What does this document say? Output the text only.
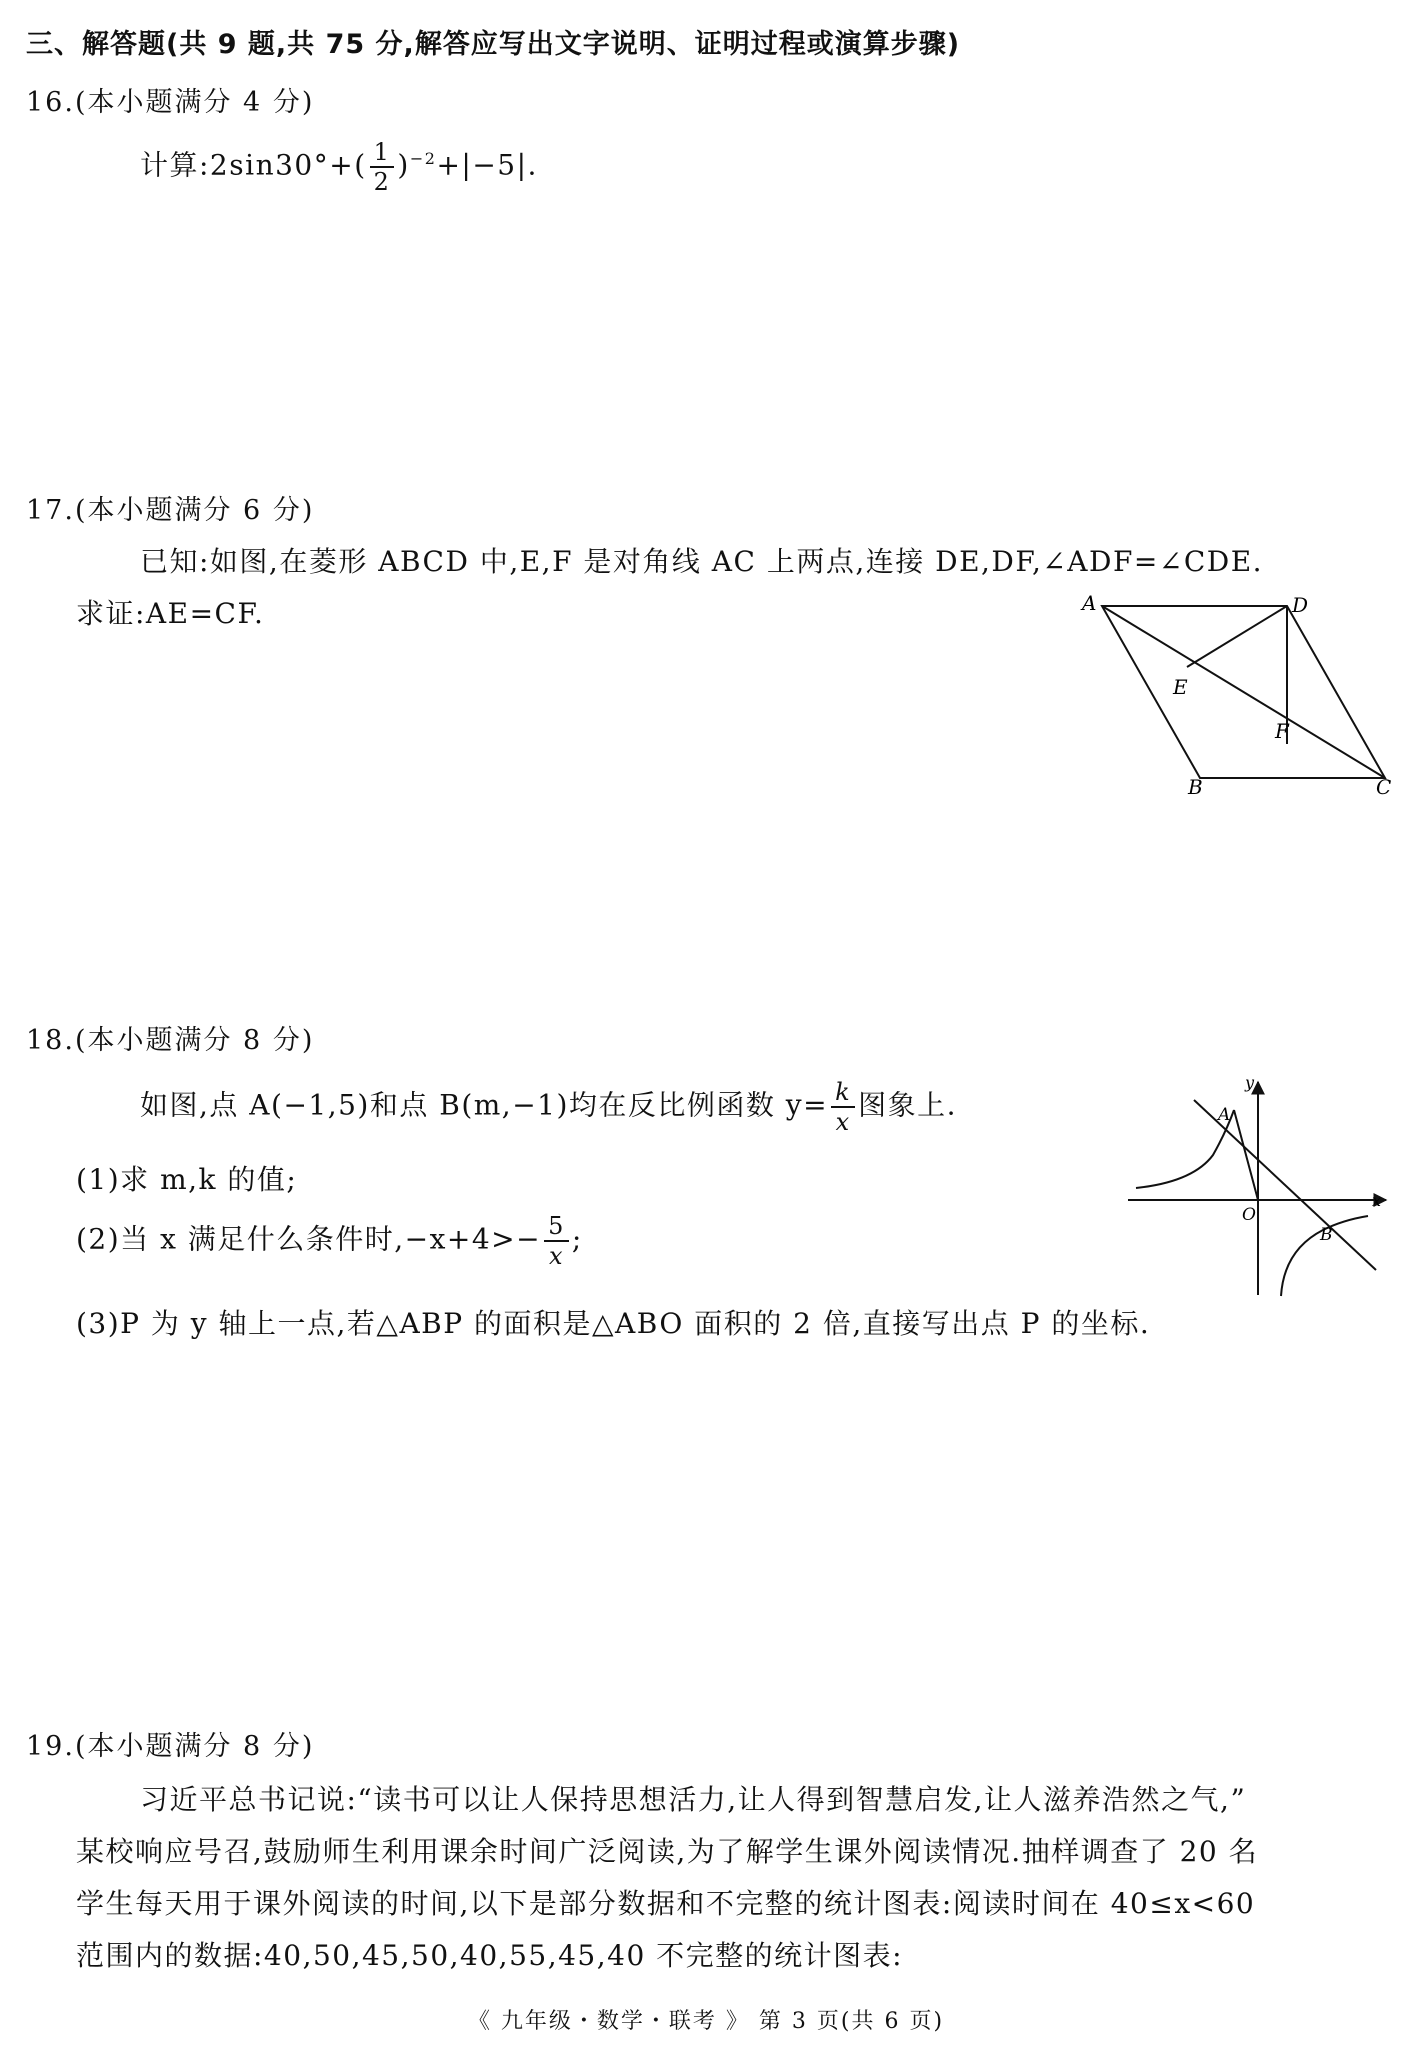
三、解答题(共 9 题,共 75 分,解答应写出文字说明、证明过程或演算步骤)
16.(本小题满分 4 分)
计算:2sin30°+( $\frac{1}{2} )^{-2}+|-5|$.
17.(本小题满分 6 分)
已知:如图,在菱形 ABCD 中,E,F 是对角线 AC 上两点,连接 DE,DF,∠ADF=∠CDE.
求证:AE=CF.	A	D
E
F
B	C
18.(本小题满分 8 分)
如图,点 A(−1,5)和点 B(m,−1)均在反比例函数 $y= \frac{k}{x}$ 图象上.
(1)求 m,k 的值;
(2)当 x 满足什么条件时$,-x+4>- \frac{5}{x}$ ;
(3)P 为 y 轴上一点,若△ABP 的面积是△ABO 面积的 2 倍,直接写出点 P 的坐标.
y
x
A
O
B
19.(本小题满分 8 分)
习近平总书记说:“读书可以让人保持思想活力,让人得到智慧启发,让人滋养浩然之气,”
某校响应号召,鼓励师生利用课余时间广泛阅读,为了解学生课外阅读情况.抽样调查了 20 名
学生每天用于课外阅读的时间,以下是部分数据和不完整的统计图表:阅读时间在 40≤x<60
范围内的数据:40,50,45,50,40,55,45,40 不完整的统计图表:
《 九年级・数学・联考 》 第 3 页(共 6 页)
